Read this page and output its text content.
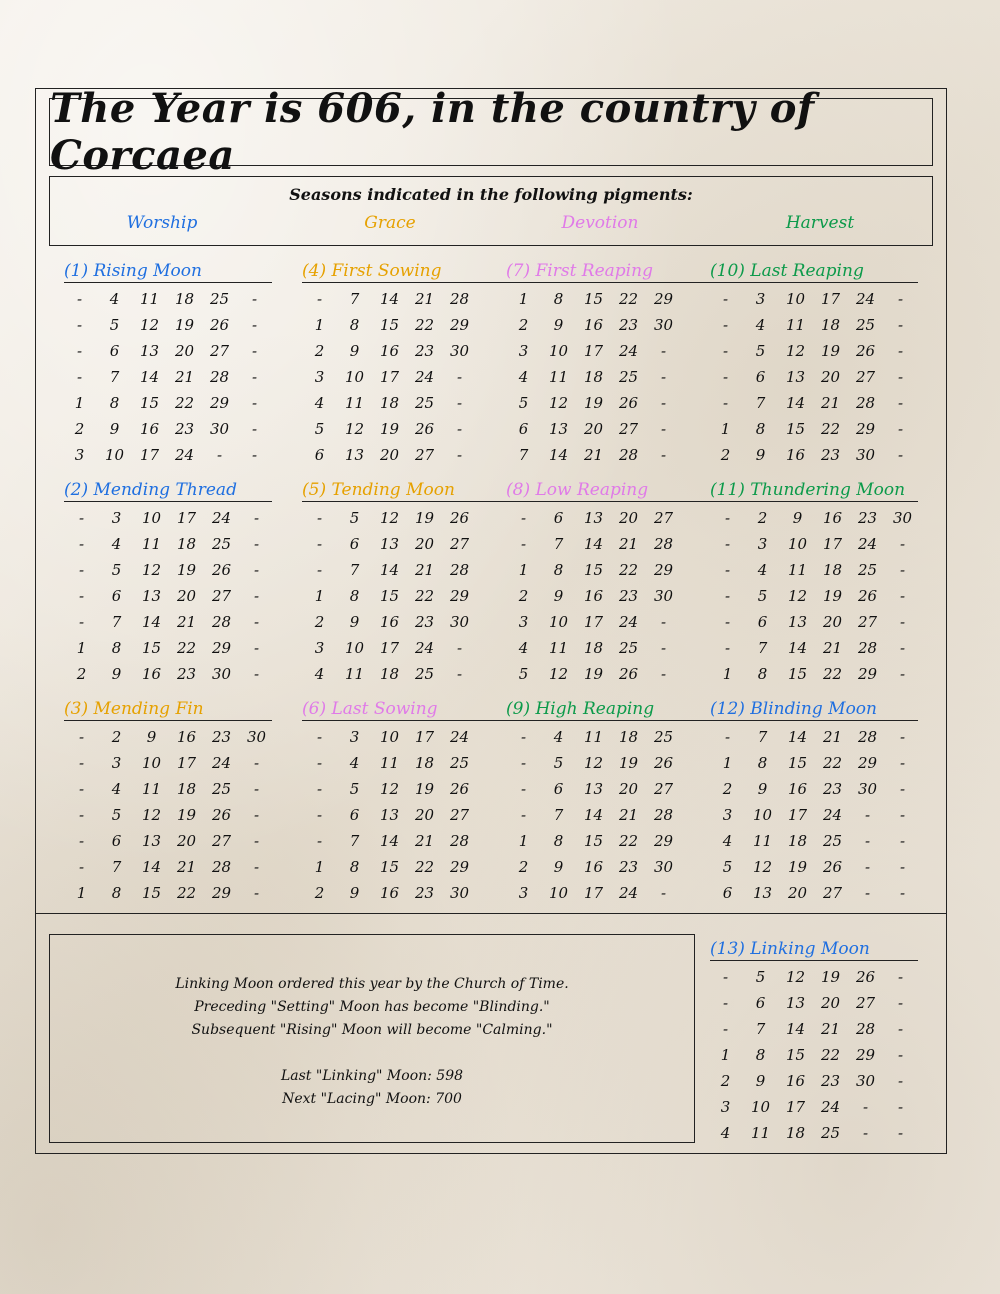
The Year is 606, in the country of Corcaea
Seasons indicated in the following pigments:
Worship	Grace	Devotion	Harvest
(1) Rising Moon
-	4	11	18	25	-
-	5	12	19	26	-
-	6	13	20	27	-
-	7	14	21	28	-
1	8	15	22	29	-
2	9	16	23	30	-
3	10	17	24	-	-
(4) First Sowing
-	7	14	21	28
1	8	15	22	29
2	9	16	23	30
3	10	17	24	-
4	11	18	25	-
5	12	19	26	-
6	13	20	27	-
(7) First Reaping
1	8	15	22	29
2	9	16	23	30
3	10	17	24	-
4	11	18	25	-
5	12	19	26	-
6	13	20	27	-
7	14	21	28	-
(10) Last Reaping
-	3	10	17	24	-
-	4	11	18	25	-
-	5	12	19	26	-
-	6	13	20	27	-
-	7	14	21	28	-
1	8	15	22	29	-
2	9	16	23	30	-
(2) Mending Thread
-	3	10	17	24	-
-	4	11	18	25	-
-	5	12	19	26	-
-	6	13	20	27	-
-	7	14	21	28	-
1	8	15	22	29	-
2	9	16	23	30	-
(5) Tending Moon
-	5	12	19	26
-	6	13	20	27
-	7	14	21	28
1	8	15	22	29
2	9	16	23	30
3	10	17	24	-
4	11	18	25	-
(8) Low Reaping
-	6	13	20	27
-	7	14	21	28
1	8	15	22	29
2	9	16	23	30
3	10	17	24	-
4	11	18	25	-
5	12	19	26	-
(11) Thundering Moon
-	2	9	16	23	30
-	3	10	17	24	-
-	4	11	18	25	-
-	5	12	19	26	-
-	6	13	20	27	-
-	7	14	21	28	-
1	8	15	22	29	-
(3) Mending Fin
-	2	9	16	23	30
-	3	10	17	24	-
-	4	11	18	25	-
-	5	12	19	26	-
-	6	13	20	27	-
-	7	14	21	28	-
1	8	15	22	29	-
(6) Last Sowing
-	3	10	17	24
-	4	11	18	25
-	5	12	19	26
-	6	13	20	27
-	7	14	21	28
1	8	15	22	29
2	9	16	23	30
(9) High Reaping
-	4	11	18	25
-	5	12	19	26
-	6	13	20	27
-	7	14	21	28
1	8	15	22	29
2	9	16	23	30
3	10	17	24	-
(12) Blinding Moon
-	7	14	21	28	-
1	8	15	22	29	-
2	9	16	23	30	-
3	10	17	24	-	-
4	11	18	25	-	-
5	12	19	26	-	-
6	13	20	27	-	-
(13) Linking Moon
-	5	12	19	26	-
-	6	13	20	27	-
-	7	14	21	28	-
1	8	15	22	29	-
2	9	16	23	30	-
3	10	17	24	-	-
4	11	18	25	-	-
Linking Moon ordered this year by the Church of Time.
Preceding "Setting" Moon has become "Blinding."
Subsequent "Rising" Moon will become "Calming."
Last "Linking" Moon: 598
Next "Lacing" Moon: 700
